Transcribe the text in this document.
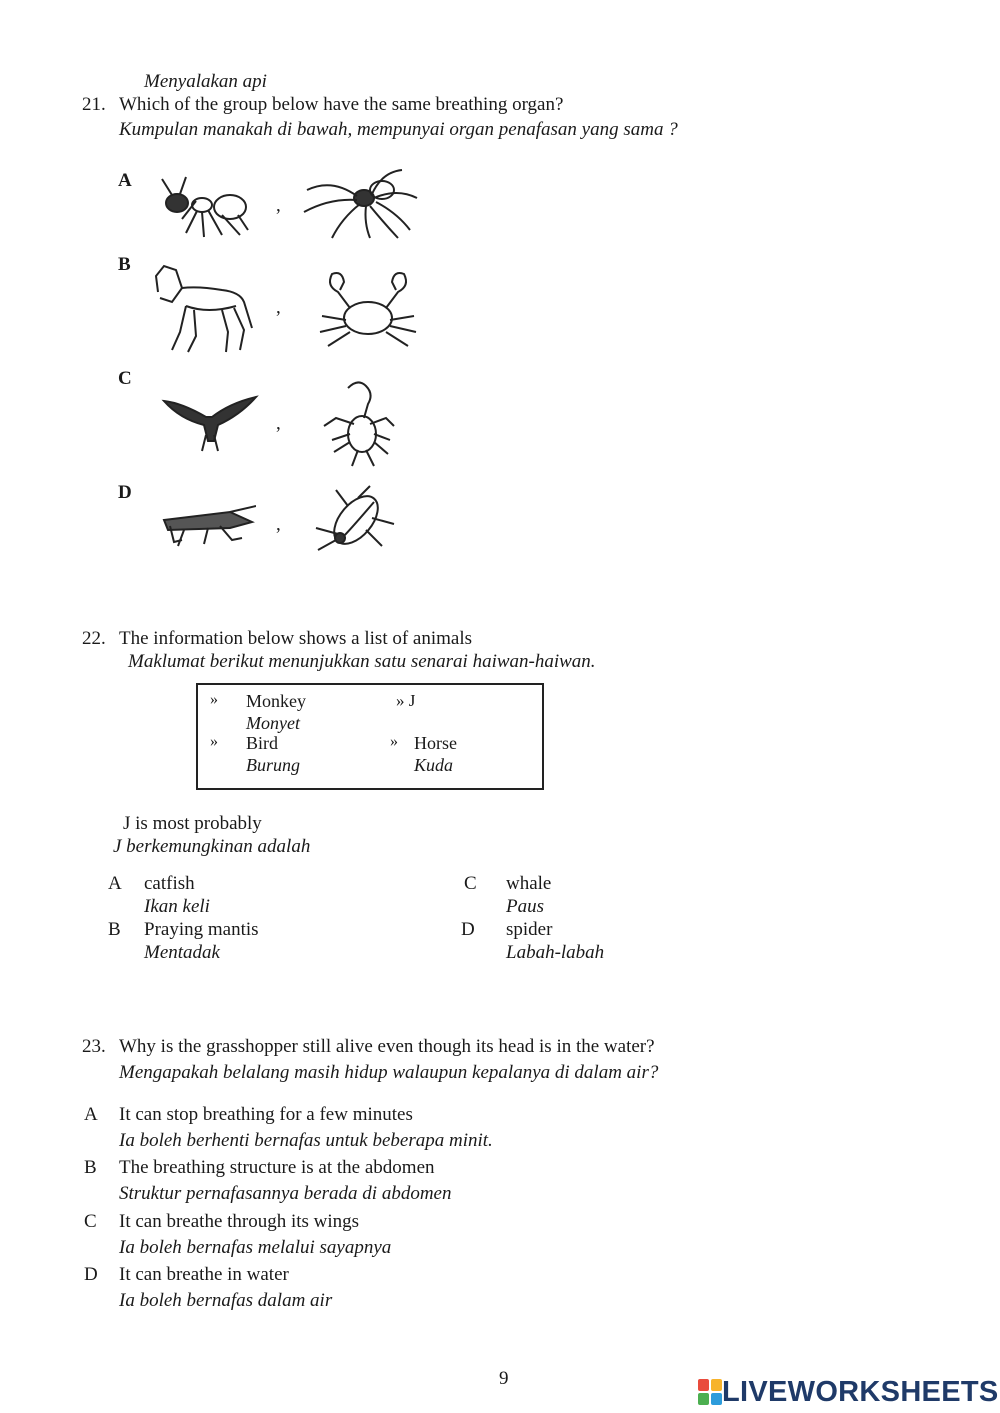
Menyalakan api
21. Which of the group below have the same breathing organ?
Kumpulan manakah di bawah, mempunyai organ penafasan yang sama ?
A
,
B
,
C
,
D
,
22. The information below shows a list of animals
Maklumat berikut menunjukkan satu senarai haiwan-haiwan.
» Monkey
Monyet
» J
» Bird
Burung
» Horse
Kuda
J is most probably
J berkemungkinan adalah
A catfish
Ikan keli
C whale
Paus
B Praying mantis
Mentadak
D spider
Labah-labah
23. Why is the grasshopper still alive even though its head is in the water?
Mengapakah belalang masih hidup walaupun kepalanya di dalam air?
A It can stop breathing for a few minutes
Ia boleh berhenti bernafas untuk beberapa minit.
B The breathing structure is at the abdomen
Struktur pernafasannya berada di abdomen
C It can breathe through its wings
Ia boleh bernafas melalui sayapnya
D It can breathe in water
Ia boleh bernafas dalam air
9	LIVEWORKSHEETS
